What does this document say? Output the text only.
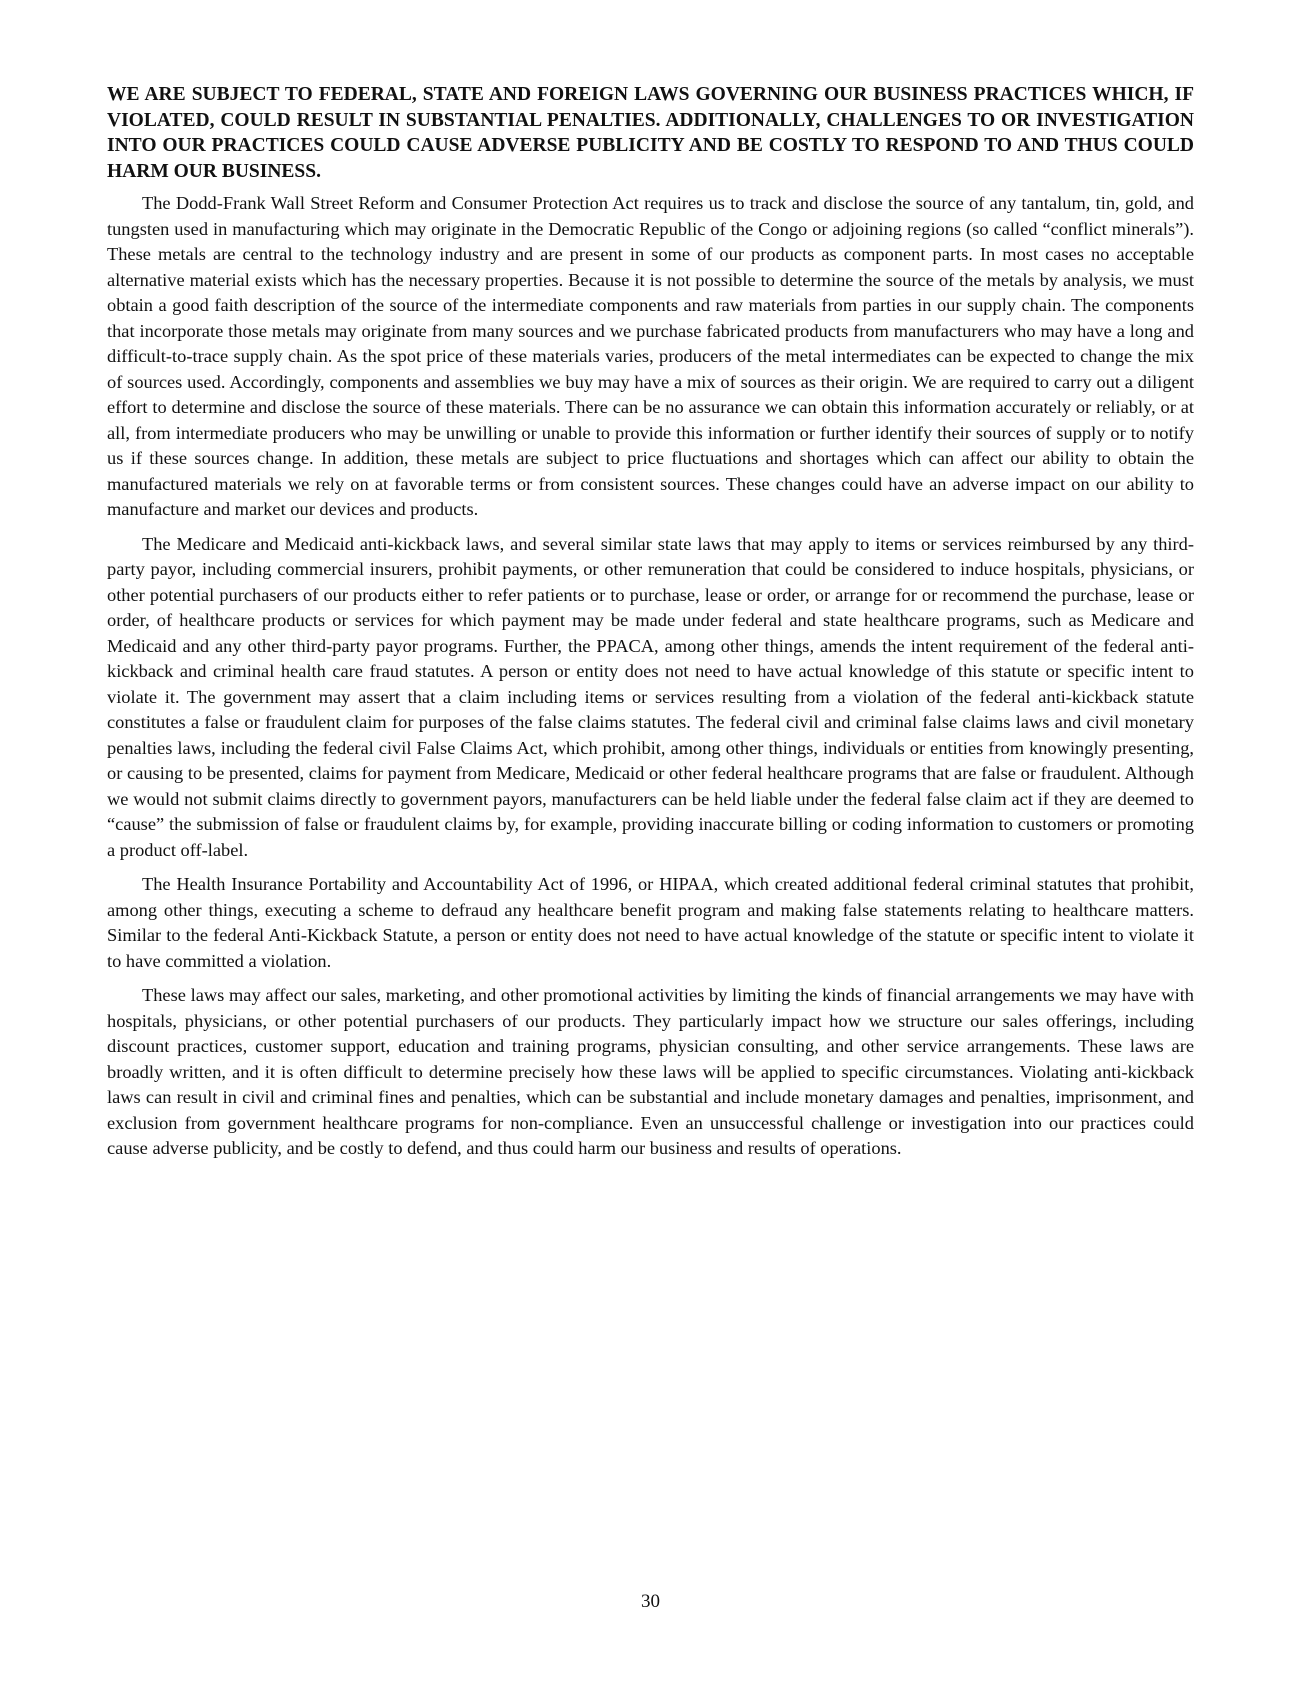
WE ARE SUBJECT TO FEDERAL, STATE AND FOREIGN LAWS GOVERNING OUR BUSINESS PRACTICES WHICH, IF VIOLATED, COULD RESULT IN SUBSTANTIAL PENALTIES. ADDITIONALLY, CHALLENGES TO OR INVESTIGATION INTO OUR PRACTICES COULD CAUSE ADVERSE PUBLICITY AND BE COSTLY TO RESPOND TO AND THUS COULD HARM OUR BUSINESS.

The Dodd-Frank Wall Street Reform and Consumer Protection Act requires us to track and disclose the source of any tantalum, tin, gold, and tungsten used in manufacturing which may originate in the Democratic Republic of the Congo or adjoining regions (so called “conflict minerals”). These metals are central to the technology industry and are present in some of our products as component parts. In most cases no acceptable alternative material exists which has the necessary properties. Because it is not possible to determine the source of the metals by analysis, we must obtain a good faith description of the source of the intermediate components and raw materials from parties in our supply chain. The components that incorporate those metals may originate from many sources and we purchase fabricated products from manufacturers who may have a long and difficult-to-trace supply chain. As the spot price of these materials varies, producers of the metal intermediates can be expected to change the mix of sources used. Accordingly, components and assemblies we buy may have a mix of sources as their origin. We are required to carry out a diligent effort to determine and disclose the source of these materials. There can be no assurance we can obtain this information accurately or reliably, or at all, from intermediate producers who may be unwilling or unable to provide this information or further identify their sources of supply or to notify us if these sources change. In addition, these metals are subject to price fluctuations and shortages which can affect our ability to obtain the manufactured materials we rely on at favorable terms or from consistent sources. These changes could have an adverse impact on our ability to manufacture and market our devices and products.

The Medicare and Medicaid anti-kickback laws, and several similar state laws that may apply to items or services reimbursed by any third-party payor, including commercial insurers, prohibit payments, or other remuneration that could be considered to induce hospitals, physicians, or other potential purchasers of our products either to refer patients or to purchase, lease or order, or arrange for or recommend the purchase, lease or order, of healthcare products or services for which payment may be made under federal and state healthcare programs, such as Medicare and Medicaid and any other third-party payor programs. Further, the PPACA, among other things, amends the intent requirement of the federal anti-kickback and criminal health care fraud statutes. A person or entity does not need to have actual knowledge of this statute or specific intent to violate it. The government may assert that a claim including items or services resulting from a violation of the federal anti-kickback statute constitutes a false or fraudulent claim for purposes of the false claims statutes. The federal civil and criminal false claims laws and civil monetary penalties laws, including the federal civil False Claims Act, which prohibit, among other things, individuals or entities from knowingly presenting, or causing to be presented, claims for payment from Medicare, Medicaid or other federal healthcare programs that are false or fraudulent. Although we would not submit claims directly to government payors, manufacturers can be held liable under the federal false claim act if they are deemed to “cause” the submission of false or fraudulent claims by, for example, providing inaccurate billing or coding information to customers or promoting a product off-label.

The Health Insurance Portability and Accountability Act of 1996, or HIPAA, which created additional federal criminal statutes that prohibit, among other things, executing a scheme to defraud any healthcare benefit program and making false statements relating to healthcare matters. Similar to the federal Anti-Kickback Statute, a person or entity does not need to have actual knowledge of the statute or specific intent to violate it to have committed a violation.

These laws may affect our sales, marketing, and other promotional activities by limiting the kinds of financial arrangements we may have with hospitals, physicians, or other potential purchasers of our products. They particularly impact how we structure our sales offerings, including discount practices, customer support, education and training programs, physician consulting, and other service arrangements. These laws are broadly written, and it is often difficult to determine precisely how these laws will be applied to specific circumstances. Violating anti-kickback laws can result in civil and criminal fines and penalties, which can be substantial and include monetary damages and penalties, imprisonment, and exclusion from government healthcare programs for non-compliance. Even an unsuccessful challenge or investigation into our practices could cause adverse publicity, and be costly to defend, and thus could harm our business and results of operations.

30
